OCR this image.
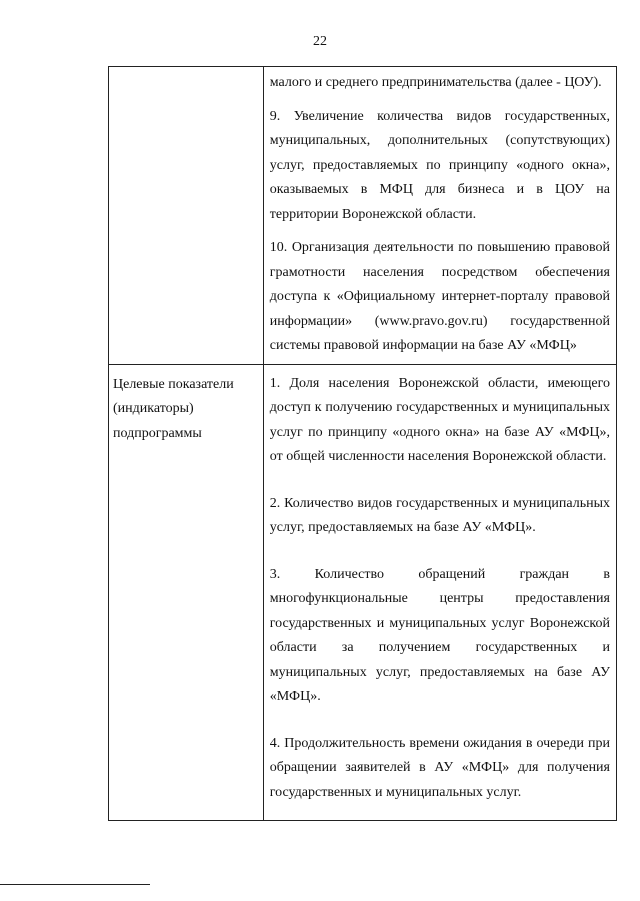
22

	малого и среднего предпринимательства (далее - ЦОУ).
9. Увеличение количества видов государственных, муниципальных, дополнительных (сопутствующих) услуг, предоставляемых по принципу «одного окна», оказываемых в МФЦ для бизнеса и в ЦОУ на территории Воронежской области.
10. Организация деятельности по повышению правовой грамотности населения посредством обеспечения доступа к «Официальному интернет-порталу правовой информации» (www.pravo.gov.ru) государственной системы правовой информации на базе АУ «МФЦ»

Целевые показатели (индикаторы) подпрограммы	1. Доля населения Воронежской области, имеющего доступ к получению государственных и муниципальных услуг по принципу «одного окна» на базе АУ «МФЦ», от общей численности населения Воронежской области.
2. Количество видов государственных и муниципальных услуг, предоставляемых на базе АУ «МФЦ».
3. Количество обращений граждан в многофункциональные центры предоставления государственных и муниципальных услуг Воронежской области за получением государственных и муниципальных услуг, предоставляемых на базе АУ «МФЦ».
4. Продолжительность времени ожидания в очереди при обращении заявителей в АУ «МФЦ» для получения государственных и муниципальных услуг.
